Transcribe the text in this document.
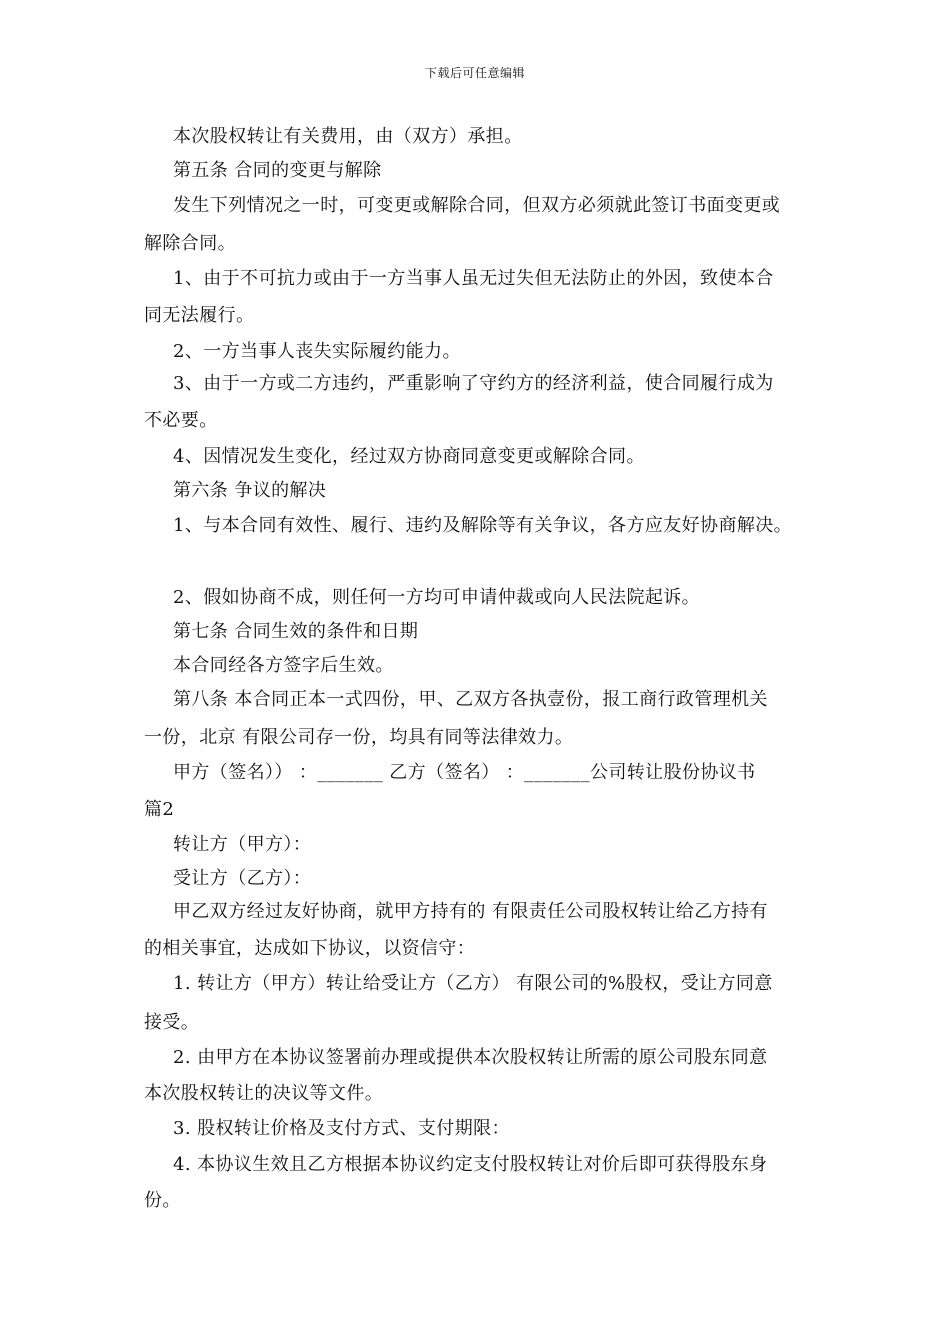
下载后可任意编辑
本次股权转让有关费用，由（双方）承担。
第五条 合同的变更与解除
发生下列情况之一时，可变更或解除合同，但双方必须就此签订书面变更或
解除合同。
1、由于不可抗力或由于一方当事人虽无过失但无法防止的外因，致使本合
同无法履行。
2、一方当事人丧失实际履约能力。
3、由于一方或二方违约，严重影响了守约方的经济利益，使合同履行成为
不必要。
4、因情况发生变化，经过双方协商同意变更或解除合同。
第六条 争议的解决
1、与本合同有效性、履行、违约及解除等有关争议，各方应友好协商解决。
2、假如协商不成，则任何一方均可申请仲裁或向人民法院起诉。
第七条 合同生效的条件和日期
本合同经各方签字后生效。
第八条 本合同正本一式四份，甲、乙双方各执壹份，报工商行政管理机关
一份，北京 有限公司存一份，均具有同等法律效力。
甲方（签名）） ：_______ 乙方（签名） ：_______公司转让股份协议书
篇2
转让方（甲方）：
受让方（乙方）：
甲乙双方经过友好协商，就甲方持有的 有限责任公司股权转让给乙方持有
的相关事宜，达成如下协议，以资信守：
1. 转让方（甲方）转让给受让方（乙方） 有限公司的%股权，受让方同意
接受。
2. 由甲方在本协议签署前办理或提供本次股权转让所需的原公司股东同意
本次股权转让的决议等文件。
3. 股权转让价格及支付方式、支付期限：
4. 本协议生效且乙方根据本协议约定支付股权转让对价后即可获得股东身
份。
